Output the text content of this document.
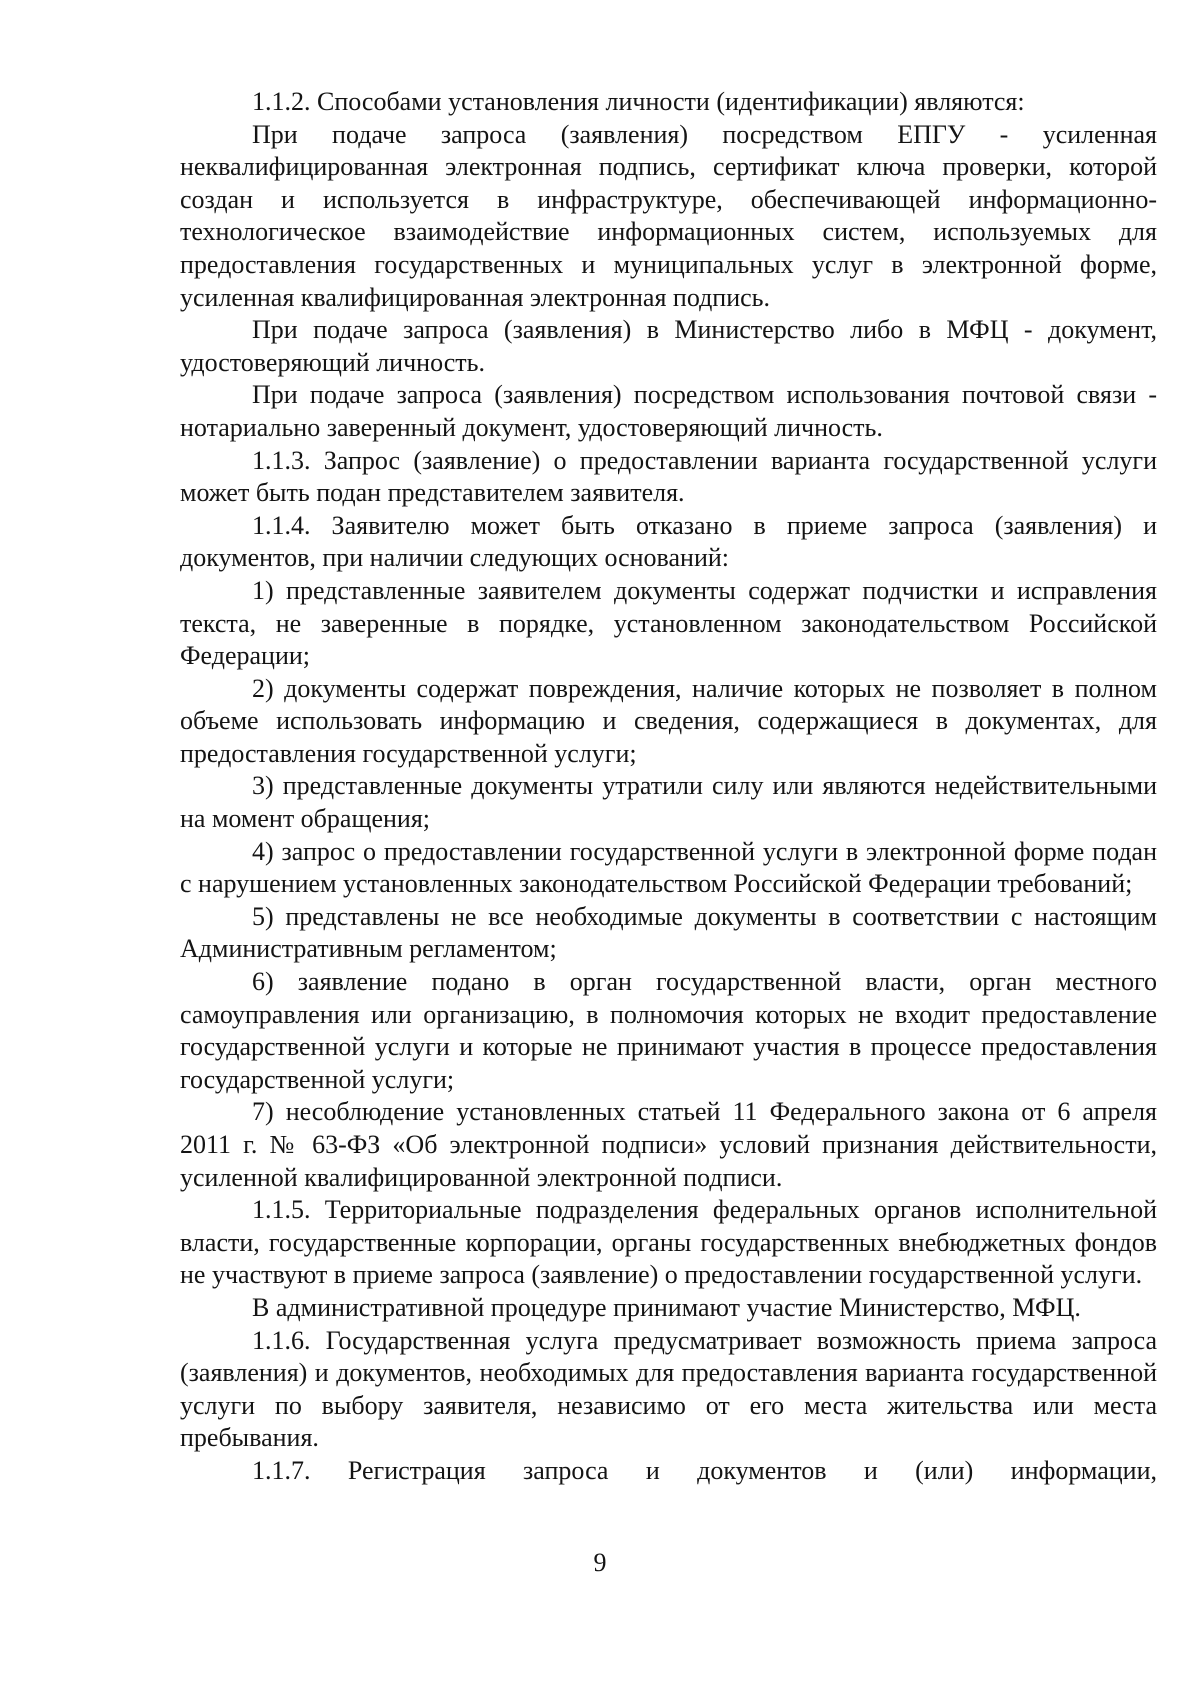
1.1.2. Способами установления личности (идентификации) являются:

При подаче запроса (заявления) посредством ЕПГУ - усиленная неквалифицированная электронная подпись, сертификат ключа проверки, которой создан и используется в инфраструктуре, обеспечивающей информационно-технологическое взаимодействие информационных систем, используемых для предоставления государственных и муниципальных услуг в электронной форме, усиленная квалифицированная электронная подпись.

При подаче запроса (заявления) в Министерство либо в МФЦ - документ, удостоверяющий личность.

При подаче запроса (заявления) посредством использования почтовой связи - нотариально заверенный документ, удостоверяющий личность.

1.1.3. Запрос (заявление) о предоставлении варианта государственной услуги может быть подан представителем заявителя.

1.1.4. Заявителю может быть отказано в приеме запроса (заявления) и документов, при наличии следующих оснований:

1) представленные заявителем документы содержат подчистки и исправления текста, не заверенные в порядке, установленном законодательством Российской Федерации;

2) документы содержат повреждения, наличие которых не позволяет в полном объеме использовать информацию и сведения, содержащиеся в документах, для предоставления государственной услуги;

3) представленные документы утратили силу или являются недействительными на момент обращения;

4) запрос о предоставлении государственной услуги в электронной форме подан с нарушением установленных законодательством Российской Федерации требований;

5) представлены не все необходимые документы в соответствии с настоящим Административным регламентом;

6) заявление подано в орган государственной власти, орган местного самоуправления или организацию, в полномочия которых не входит предоставление государственной услуги и которые не принимают участия в процессе предоставления государственной услуги;

7) несоблюдение установленных статьей 11 Федерального закона от 6 апреля 2011 г. № 63-ФЗ «Об электронной подписи» условий признания действительности, усиленной квалифицированной электронной подписи.

1.1.5. Территориальные подразделения федеральных органов исполнительной власти, государственные корпорации, органы государственных внебюджетных фондов не участвуют в приеме запроса (заявление) о предоставлении государственной услуги.

В административной процедуре принимают участие Министерство, МФЦ.

1.1.6. Государственная услуга предусматривает возможность приема запроса (заявления) и документов, необходимых для предоставления варианта государственной услуги по выбору заявителя, независимо от его места жительства или места пребывания.

1.1.7. Регистрация запроса и документов и (или) информации,

9
